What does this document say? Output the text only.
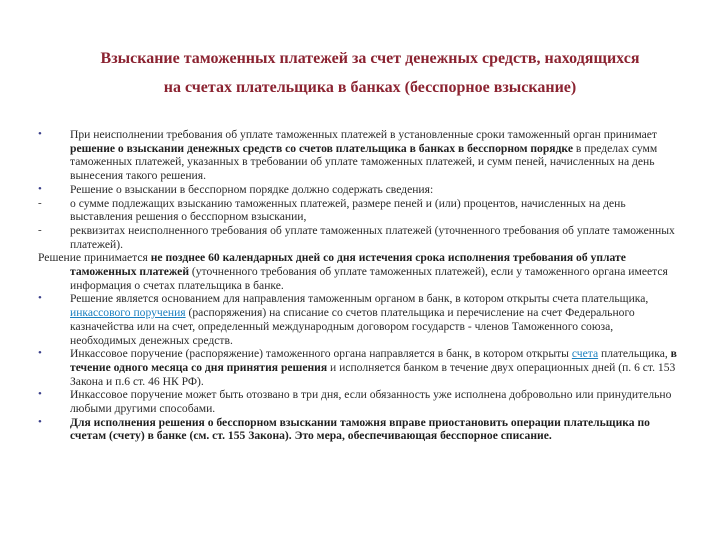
Взыскание таможенных платежей за счет денежных средств, находящихся
на счетах плательщика в банках (бесспорное взыскание)

•	При неисполнении требования об уплате таможенных платежей в установленные сроки таможенный орган принимает решение о взыскании денежных средств со счетов плательщика в банках в бесспорном порядке в пределах сумм таможенных платежей, указанных в требовании об уплате таможенных платежей, и сумм пеней, начисленных на день вынесения такого решения.

•	Решение о взыскании в бесспорном порядке должно содержать сведения:

-	о сумме подлежащих взысканию таможенных платежей, размере пеней и (или) процентов, начисленных на день выставления решения о бесспорном взыскании,

-	реквизитах неисполненного требования об уплате таможенных платежей (уточненного требования об уплате таможенных платежей).

Решение принимается не позднее 60 календарных дней со дня истечения срока исполнения требования об уплате таможенных платежей (уточненного требования об уплате таможенных платежей), если у таможенного органа имеется информация о счетах плательщика в банке.

•	Решение является основанием для направления таможенным органом в банк, в котором открыты счета плательщика, инкассового поручения (распоряжения) на списание со счетов плательщика и перечисление на счет Федерального казначейства или на счет, определенный международным договором государств - членов Таможенного союза, необходимых денежных средств.

•	Инкассовое поручение (распоряжение) таможенного органа направляется в банк, в котором открыты счета плательщика, в течение одного месяца со дня принятия решения и исполняется банком в течение двух операционных дней (п. 6 ст. 153 Закона и п.6 ст. 46 НК РФ).

•	Инкассовое поручение может быть отозвано в три дня, если обязанность уже исполнена добровольно или принудительно любыми другими способами.

•	Для исполнения решения о бесспорном взыскании таможня вправе приостановить операции плательщика по счетам (счету) в банке (см. ст. 155 Закона). Это мера, обеспечивающая бесспорное списание.
